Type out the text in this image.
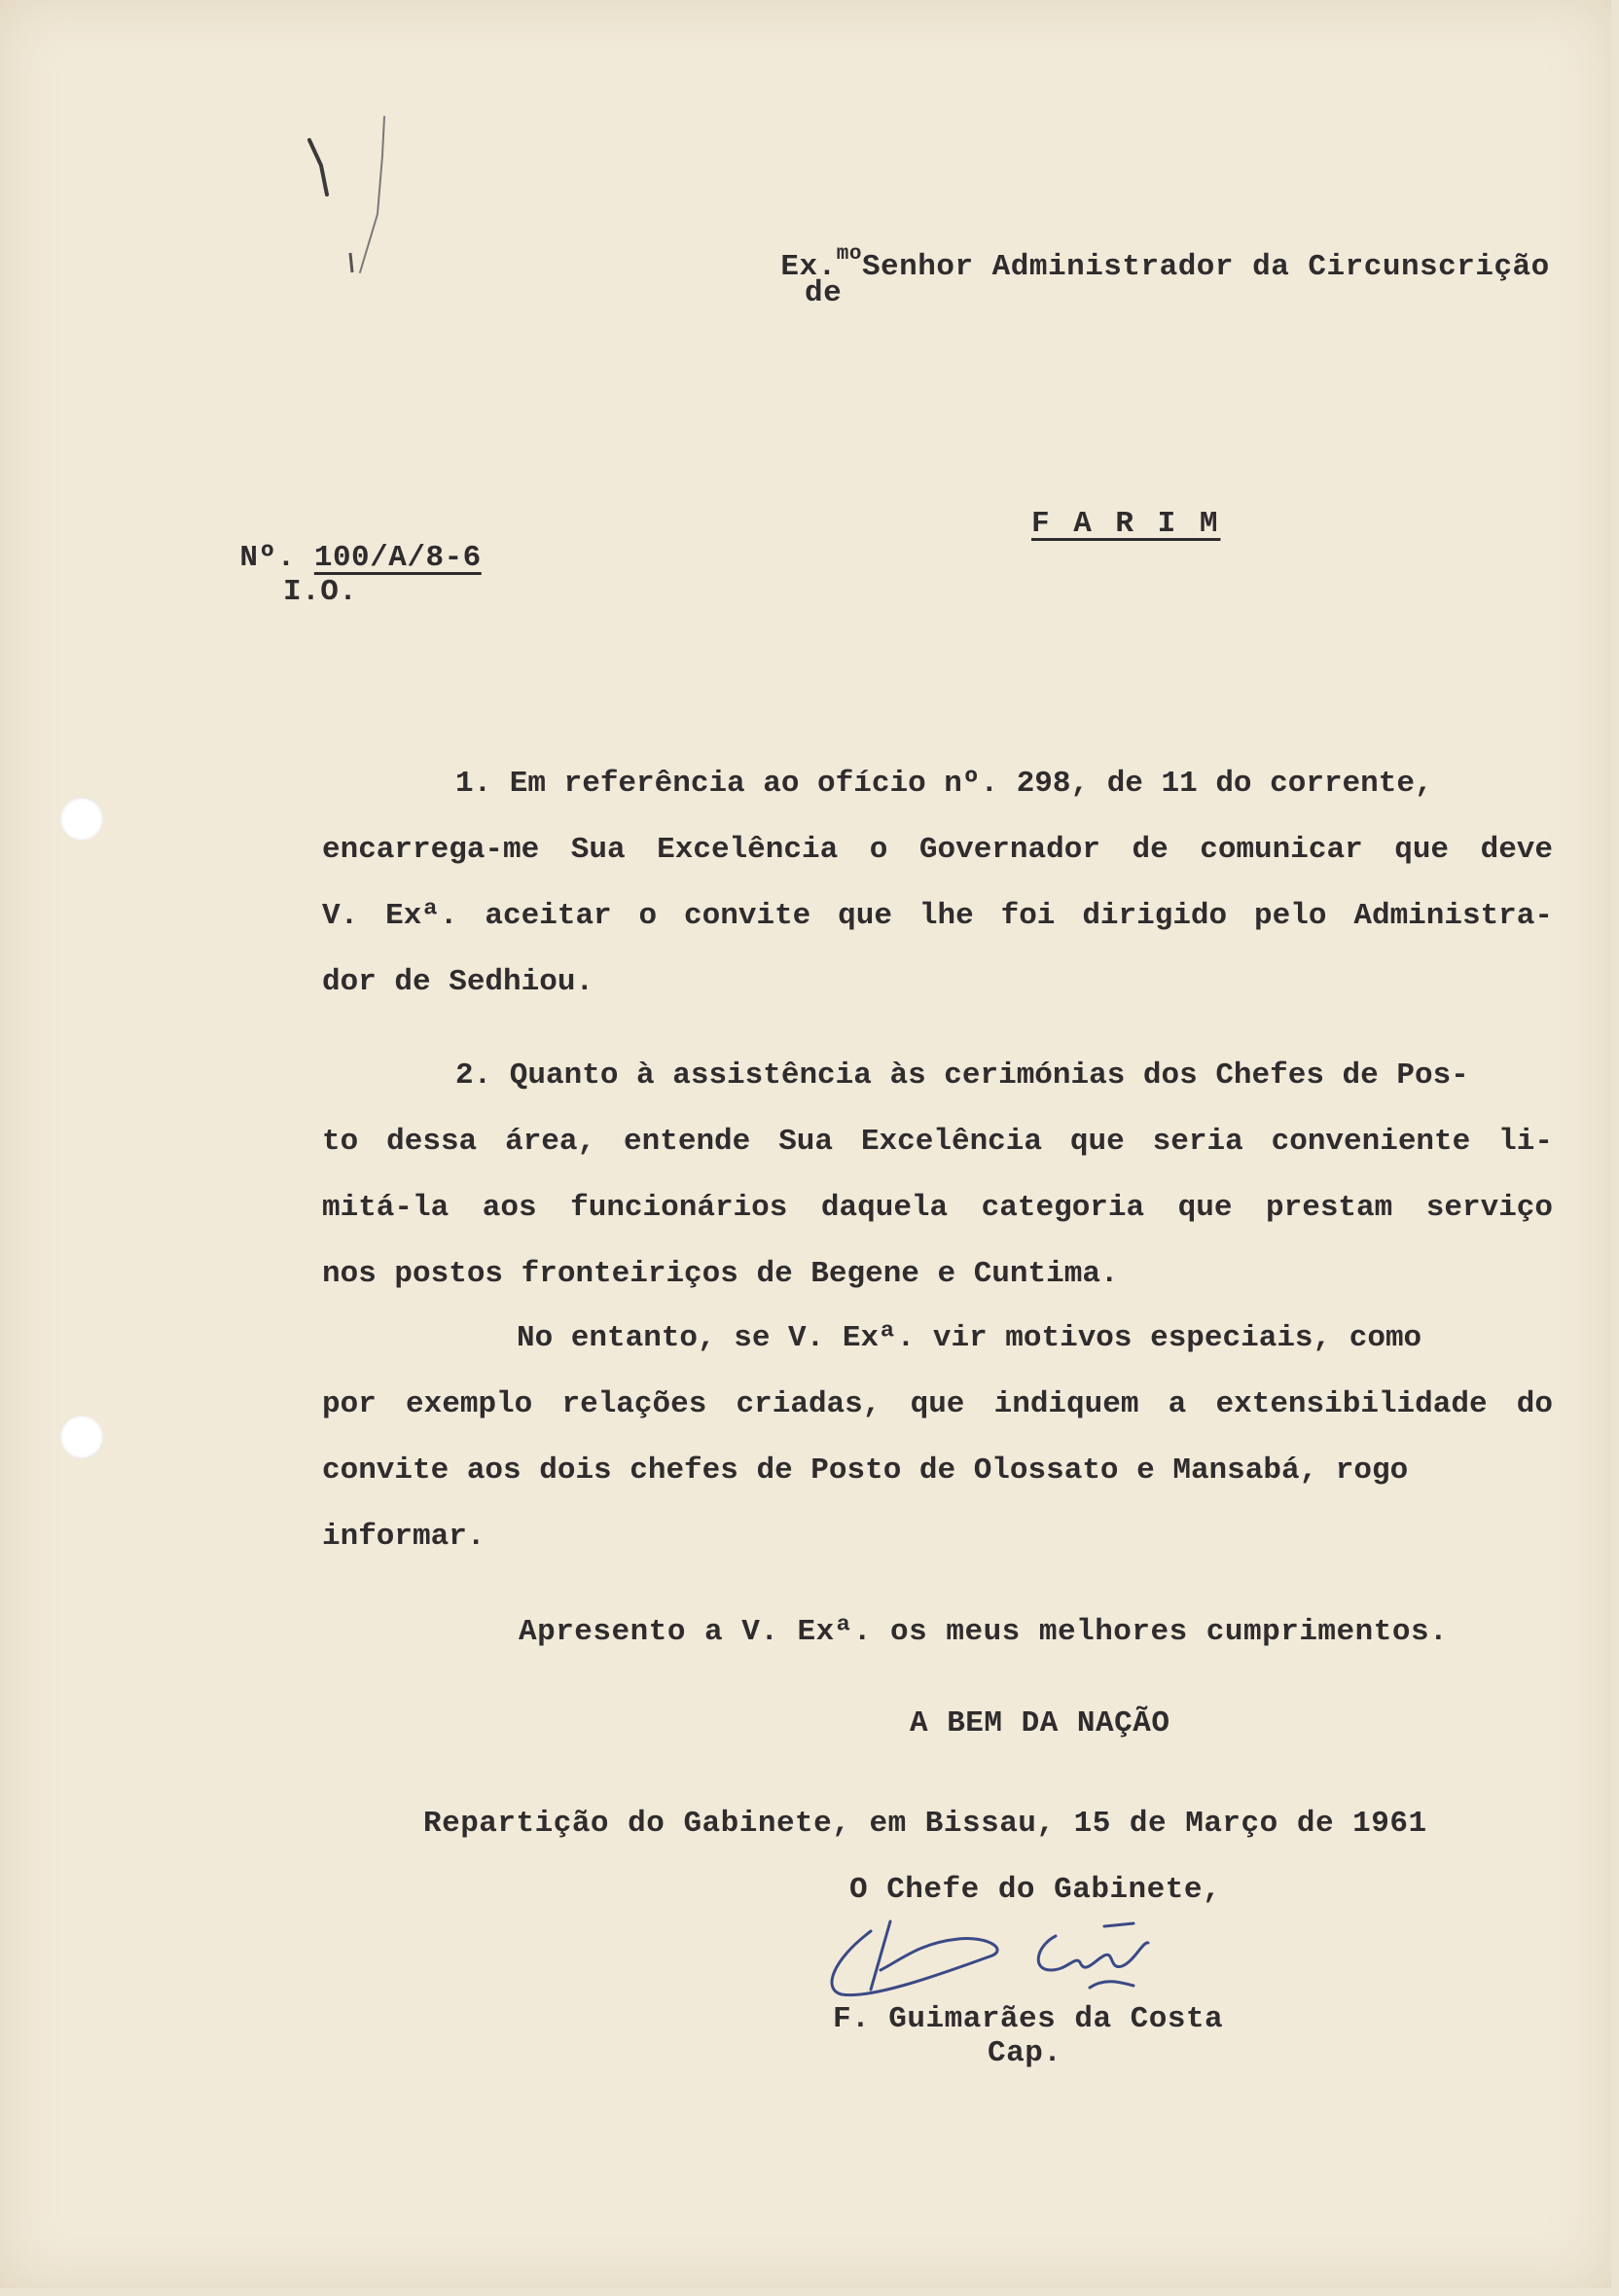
Ex.$^{mo}$Senhor Administrador da Circunscrição

de

Nº. 100/A/8-6

I.O.
F A R I M
1. Em referência ao ofício nº. 298, de 11 do corrente,
encarrega-me Sua Excelência o Governador de comunicar que deve
V. Exª. aceitar o convite que lhe foi dirigido pelo Administra-
dor de Sedhiou.
2. Quanto à assistência às cerimónias dos Chefes de Pos-
to dessa área, entende Sua Excelência que seria conveniente li-
mitá-la aos funcionários daquela categoria que prestam serviço
nos postos fronteiriços de Begene e Cuntima.
No entanto, se V. Exª. vir motivos especiais, como
por exemplo relações criadas, que indiquem a extensibilidade do
convite aos dois chefes de Posto de Olossato e Mansabá, rogo
informar.
Apresento a V. Exª. os meus melhores cumprimentos.
A BEM DA NAÇÃO
Repartição do Gabinete, em Bissau, 15 de Março de 1961
O Chefe do Gabinete,
F. Guimarães da Costa
Cap.
